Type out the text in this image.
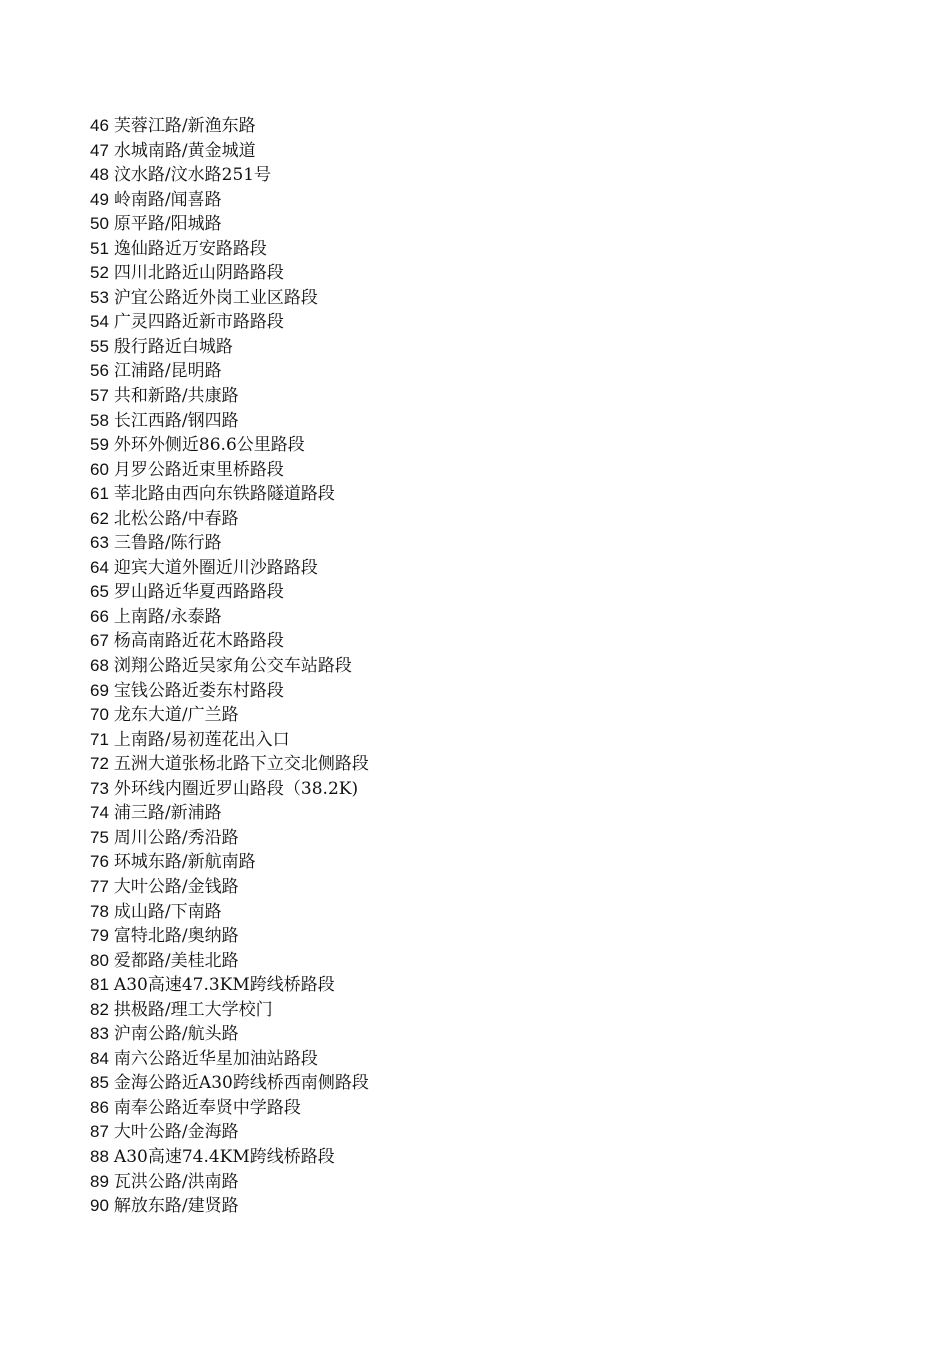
46 芙蓉江路/新渔东路
47 水城南路/黄金城道
48 汶水路/汶水路251号
49 岭南路/闻喜路
50 原平路/阳城路
51 逸仙路近万安路路段
52 四川北路近山阴路路段
53 沪宜公路近外岗工业区路段
54 广灵四路近新市路路段
55 殷行路近白城路
56 江浦路/昆明路
57 共和新路/共康路
58 长江西路/钢四路
59 外环外侧近86.6公里路段
60 月罗公路近束里桥路段
61 莘北路由西向东铁路隧道路段
62 北松公路/中春路
63 三鲁路/陈行路
64 迎宾大道外圈近川沙路路段
65 罗山路近华夏西路路段
66 上南路/永泰路
67 杨高南路近花木路路段
68 浏翔公路近吴家角公交车站路段
69 宝钱公路近娄东村路段
70 龙东大道/广兰路
71 上南路/易初莲花出入口
72 五洲大道张杨北路下立交北侧路段
73 外环线内圈近罗山路段（38.2K)
74 浦三路/新浦路
75 周川公路/秀沿路
76 环城东路/新航南路
77 大叶公路/金钱路
78 成山路/下南路
79 富特北路/奥纳路
80 爱都路/美桂北路
81 A30高速47.3KM跨线桥路段
82 拱极路/理工大学校门
83 沪南公路/航头路
84 南六公路近华星加油站路段
85 金海公路近A30跨线桥西南侧路段
86 南奉公路近奉贤中学路段
87 大叶公路/金海路
88 A30高速74.4KM跨线桥路段
89 瓦洪公路/洪南路
90 解放东路/建贤路
